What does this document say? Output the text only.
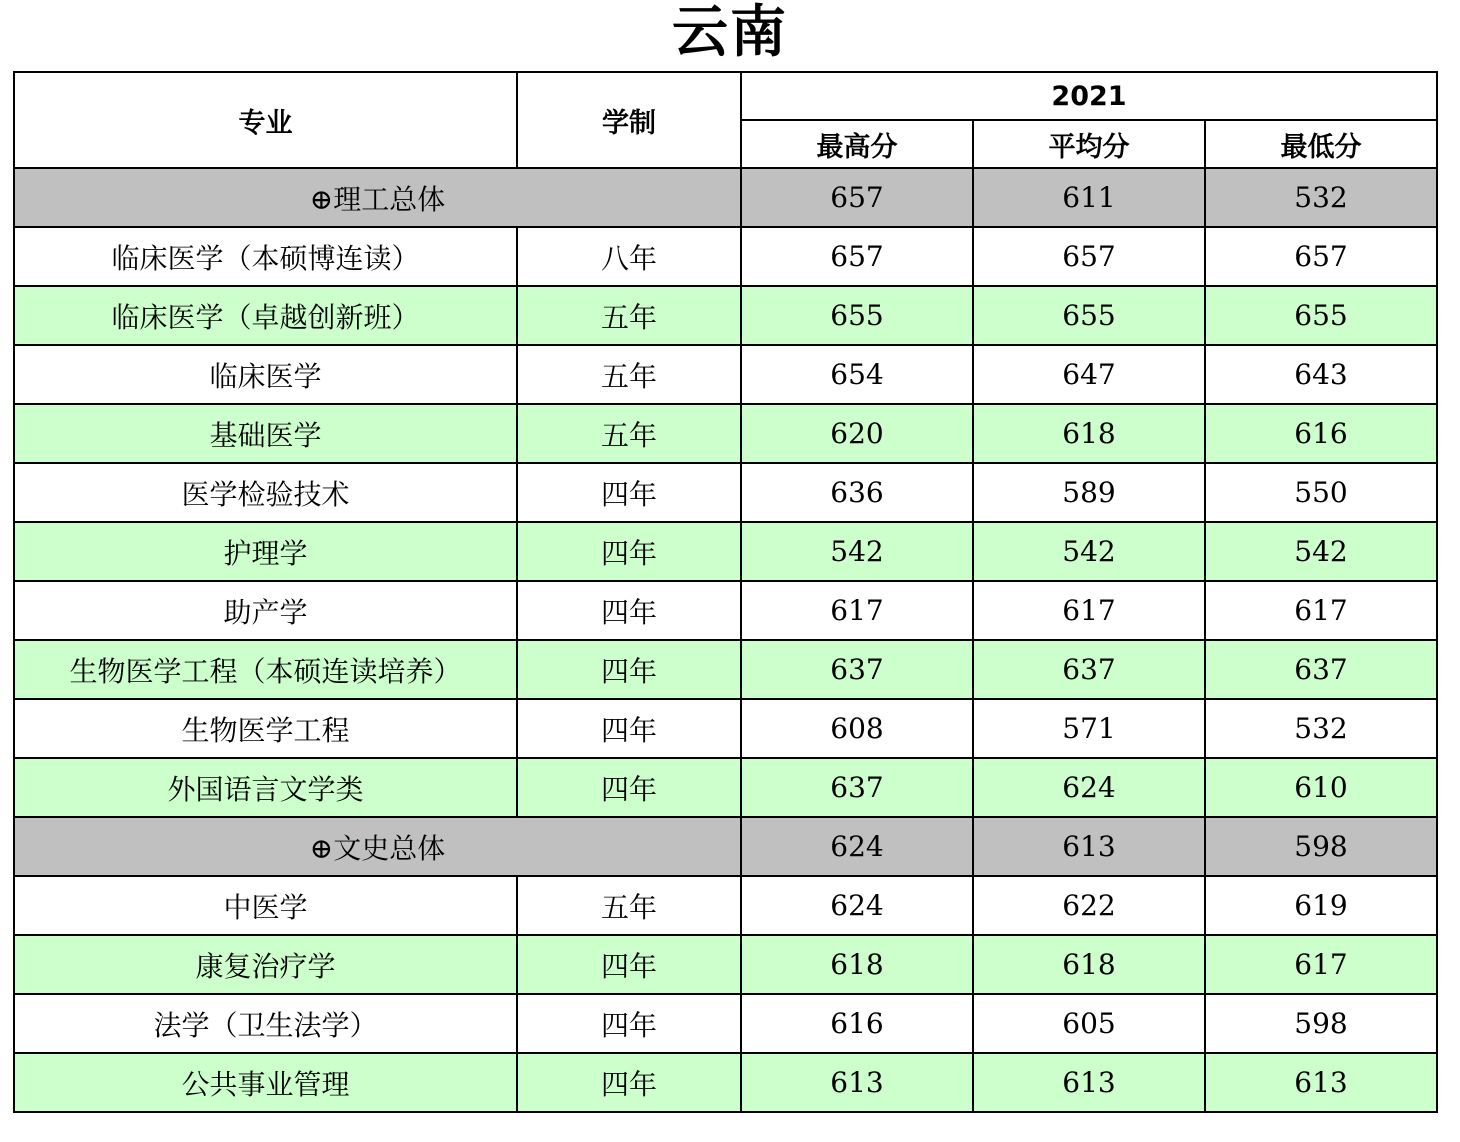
云南
专业	学制	2021		
		最高分	平均分	最低分
⊕理工总体		657	611	532
临床医学（本硕博连读）	八年	657	657	657
临床医学（卓越创新班）	五年	655	655	655
临床医学	五年	654	647	643
基础医学	五年	620	618	616
医学检验技术	四年	636	589	550
护理学	四年	542	542	542
助产学	四年	617	617	617
生物医学工程（本硕连读培养）	四年	637	637	637
生物医学工程	四年	608	571	532
外国语言文学类	四年	637	624	610
⊕文史总体		624	613	598
中医学	五年	624	622	619
康复治疗学	四年	618	618	617
法学（卫生法学）	四年	616	605	598
公共事业管理	四年	613	613	613
